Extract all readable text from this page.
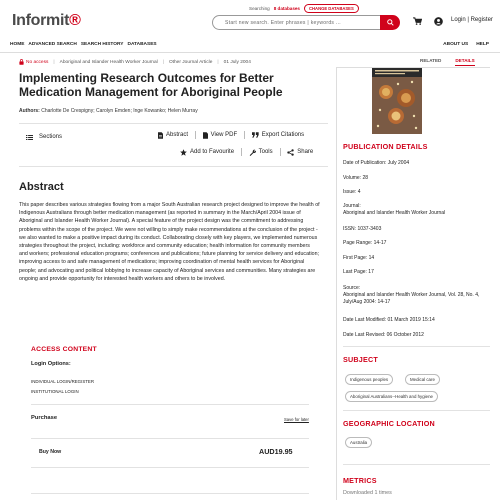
Informit®
Searching 8 databases	CHANGE DATABASES
Start new search. Enter phrases | keywords ...	Login | Register
HOME ADVANCED SEARCH SEARCH HISTORY DATABASES	ABOUT US HELP
No access | Aboriginal and Islander Health Worker Journal | Other Journal Article | 01 July 2004	RELATED	DETAILS
Implementing Research Outcomes for Better Medication Management for Aboriginal People
Authors: Charlotte De Crespigny; Carolyn Emden; Inge Kowanko; Helen Murray
Sections	Abstract	View PDF	Export Citations
Add to Favourite	Tools	Share
Abstract
This paper describes various strategies flowing from a major South Australian research project designed to improve the health of Indigenous Australians through better medication management (as reported in summary in the March/April 2004 issue of Aboriginal and Islander Health Worker Journal). A special feature of the project design was the commitment to addressing problems within the scope of the project. We were not willing to simply make recommendations at the conclusion of the project - we also wanted to make a positive impact during its conduct. Collaborating closely with key players, we implemented numerous strategies throughout the project, including: workforce and community education; health information for community members and workers; professional education programs; conferences and publications; future planning for service delivery and education; improving access to and safe management of medications; improving coordination of mental health services for Aboriginal people; and advocating and political lobbying to increase capacity of Aboriginal services and communities. Many strategies are ongoing and provide opportunity for interested health workers and others to be involved.
ACCESS CONTENT
Login Options:
INDIVIDUAL LOGIN/REGISTER
INSTITUTIONAL LOGIN
Purchase	Save for later
Buy Now	AUD19.95
PUBLICATION DETAILS
Date of Publication: July 2004
Volume: 28
Issue: 4
Journal:
Aboriginal and Islander Health Worker Journal
ISSN: 1037-3403
Page Range: 14-17
First Page: 14
Last Page: 17
Source:
Aboriginal and Islander Health Worker Journal, Vol. 28, No. 4, July/Aug 2004: 14-17
Date Last Modified: 01 March 2019 15:14
Date Last Revised: 06 October 2012
SUBJECT
Indigenous peoples	Medical care
Aboriginal Australians--Health and hygiene
GEOGRAPHIC LOCATION
Australia
METRICS
Downloaded 1 times
